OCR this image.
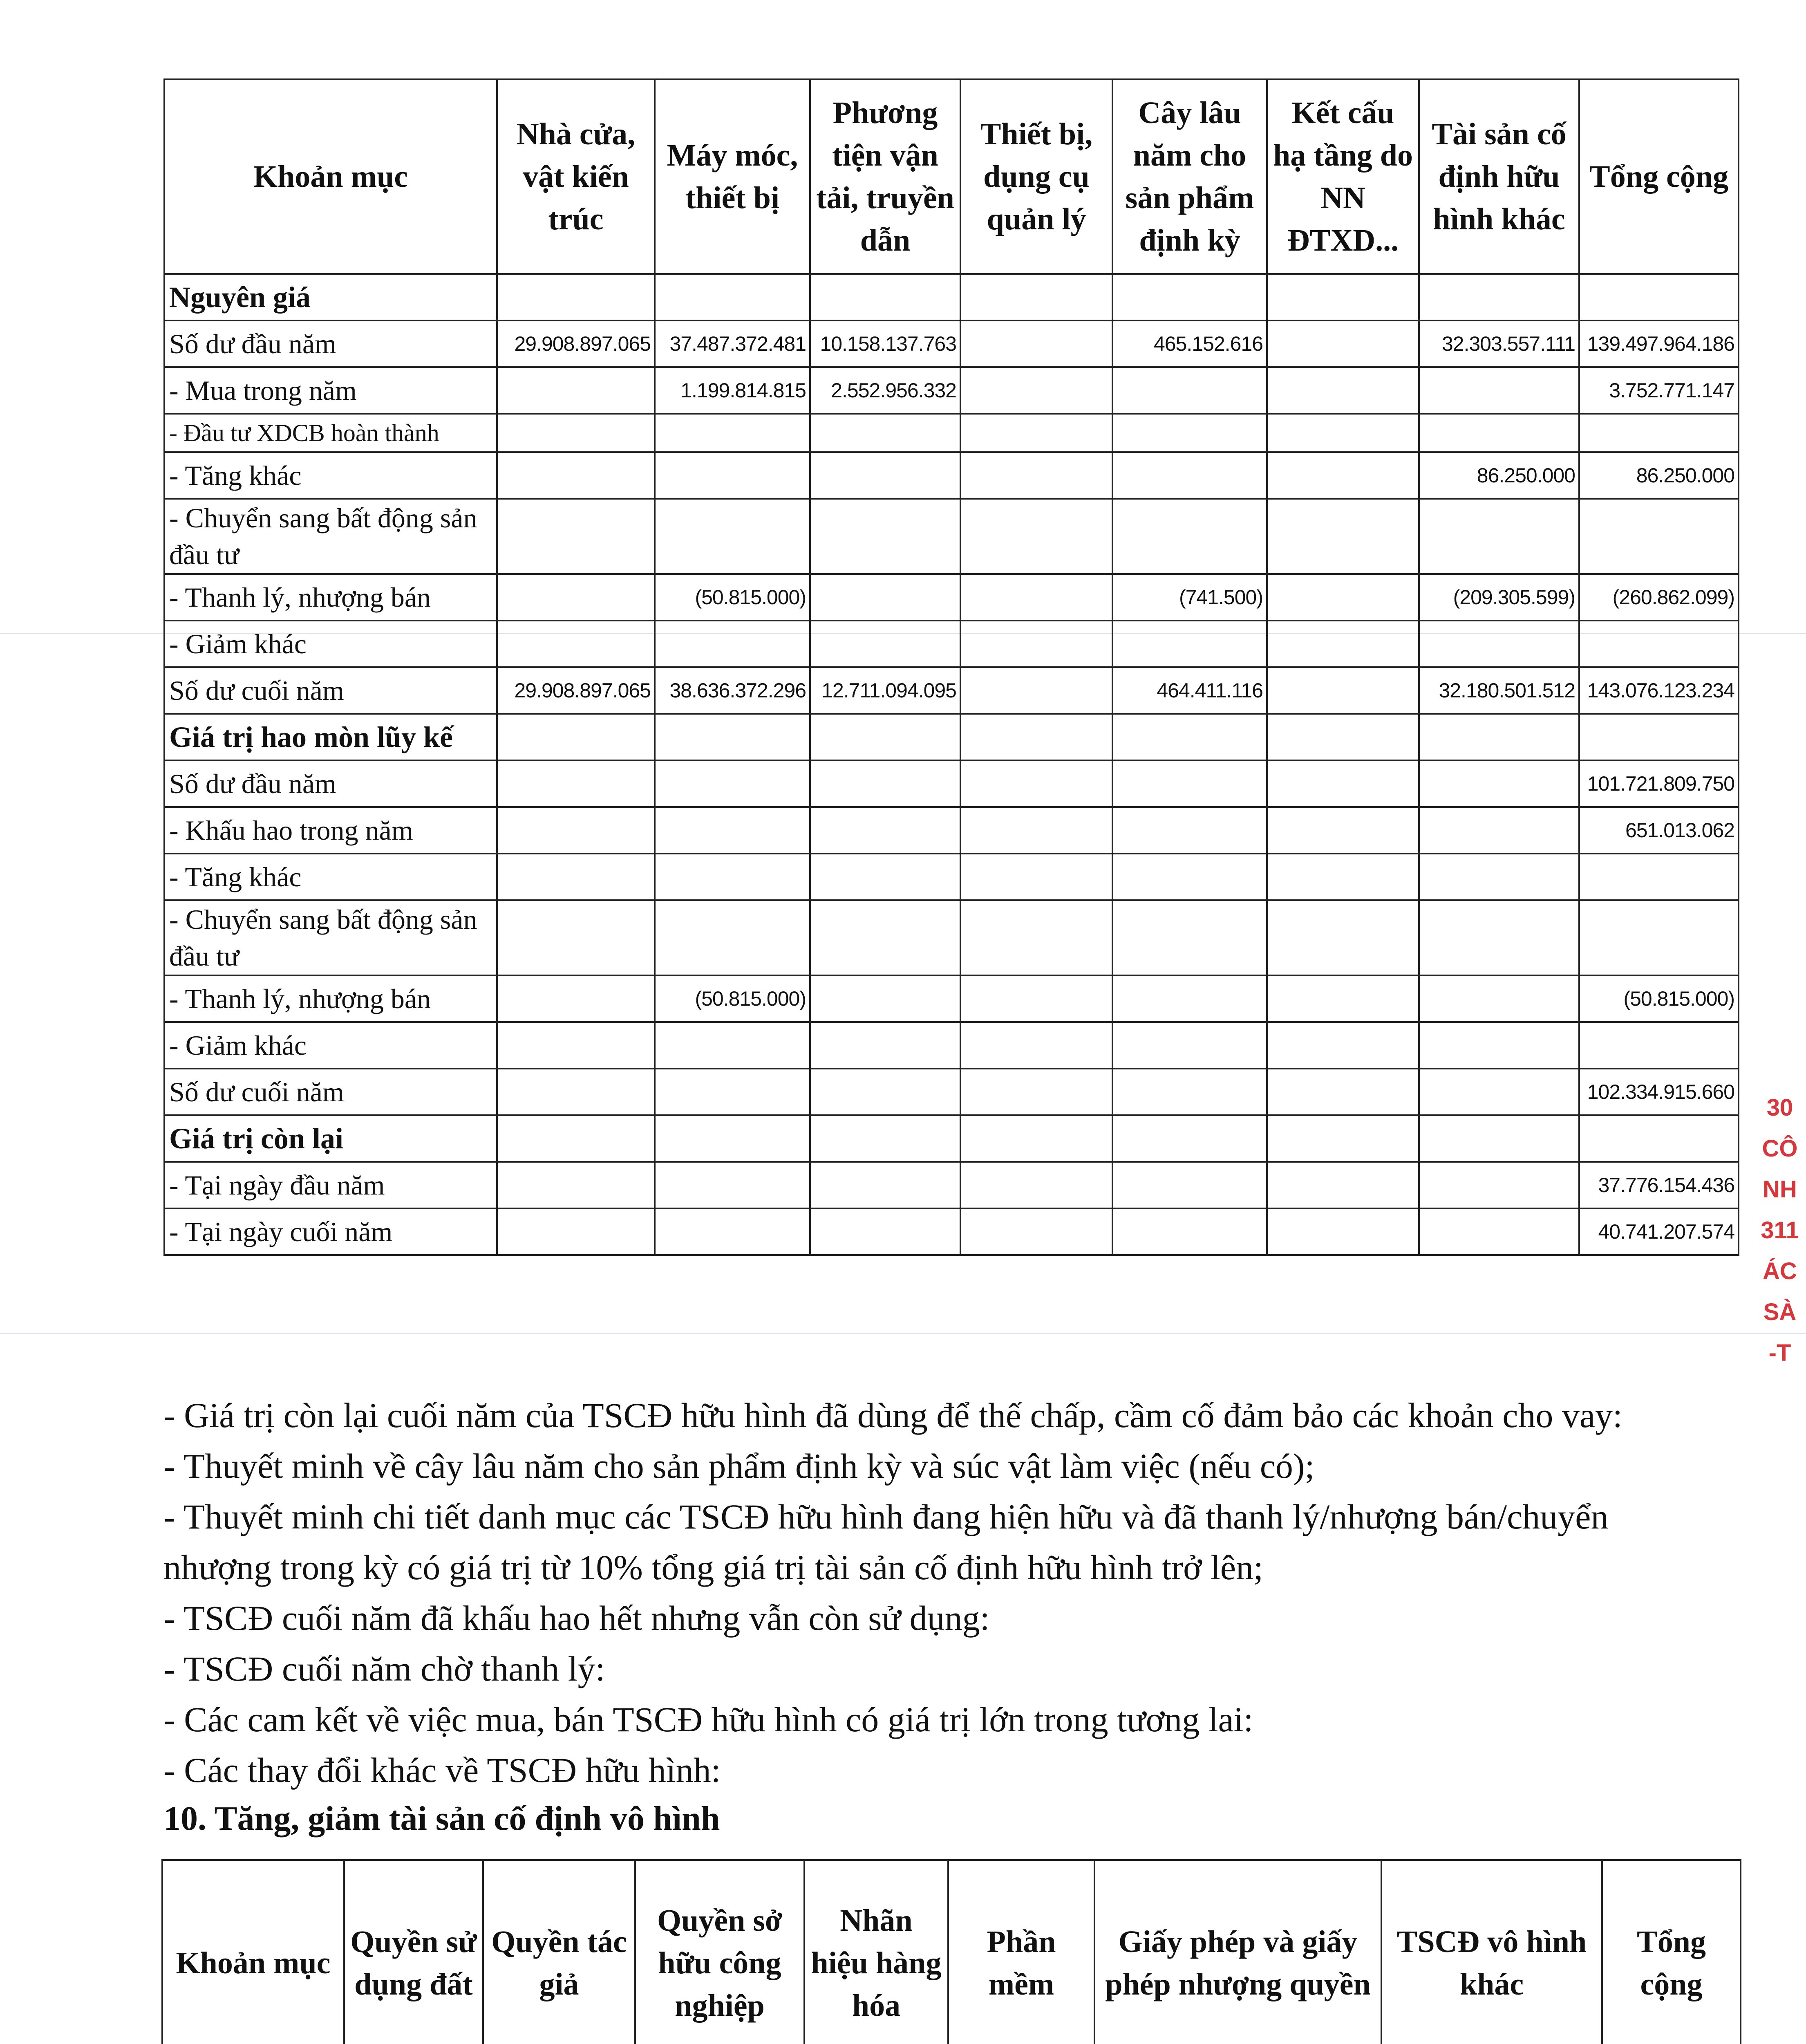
Khoản mục	Nhà cửa, vật kiến trúc	Máy móc, thiết bị	Phương tiện vận tải, truyền dẫn	Thiết bị, dụng cụ quản lý	Cây lâu năm cho sản phẩm định kỳ	Kết cấu hạ tầng do NN ĐTXD...	Tài sản cố định hữu hình khác	Tổng cộng
Nguyên giá								
Số dư đầu năm	29.908.897.065	37.487.372.481	10.158.137.763		465.152.616		32.303.557.111	139.497.964.186
- Mua trong năm		1.199.814.815	2.552.956.332					3.752.771.147
- Đầu tư XDCB hoàn thành								
- Tăng khác							86.250.000	86.250.000
- Chuyển sang bất động sản đầu tư								
- Thanh lý, nhượng bán		(50.815.000)			(741.500)		(209.305.599)	(260.862.099)
- Giảm khác								
Số dư cuối năm	29.908.897.065	38.636.372.296	12.711.094.095		464.411.116		32.180.501.512	143.076.123.234
Giá trị hao mòn lũy kế								
Số dư đầu năm								101.721.809.750
- Khấu hao trong năm								651.013.062
- Tăng khác								
- Chuyển sang bất động sản đầu tư								
- Thanh lý, nhượng bán		(50.815.000)						(50.815.000)
- Giảm khác								
Số dư cuối năm								102.334.915.660
Giá trị còn lại								
- Tại ngày đầu năm								37.776.154.436
- Tại ngày cuối năm								40.741.207.574
- Giá trị còn lại cuối năm của TSCĐ hữu hình đã dùng để thế chấp, cầm cố đảm bảo các khoản cho vay:
- Thuyết minh về cây lâu năm cho sản phẩm định kỳ và súc vật làm việc (nếu có);
- Thuyết minh chi tiết danh mục các TSCĐ hữu hình đang hiện hữu và đã thanh lý/nhượng bán/chuyển
nhượng trong kỳ có giá trị từ 10% tổng giá trị tài sản cố định hữu hình trở lên;
- TSCĐ cuối năm đã khấu hao hết nhưng vẫn còn sử dụng:
- TSCĐ cuối năm chờ thanh lý:
- Các cam kết về việc mua, bán TSCĐ hữu hình có giá trị lớn trong tương lai:
- Các thay đổi khác về TSCĐ hữu hình:
10. Tăng, giảm tài sản cố định vô hình
Khoản mục	Quyền sử dụng đất	Quyền tác giả	Quyền sở hữu công nghiệp	Nhãn hiệu hàng hóa	Phần mềm	Giấy phép và giấy phép nhượng quyền	TSCĐ vô hình khác	Tổng cộng

30
CÔ
NH
311
ÁC
SÀ
-T
